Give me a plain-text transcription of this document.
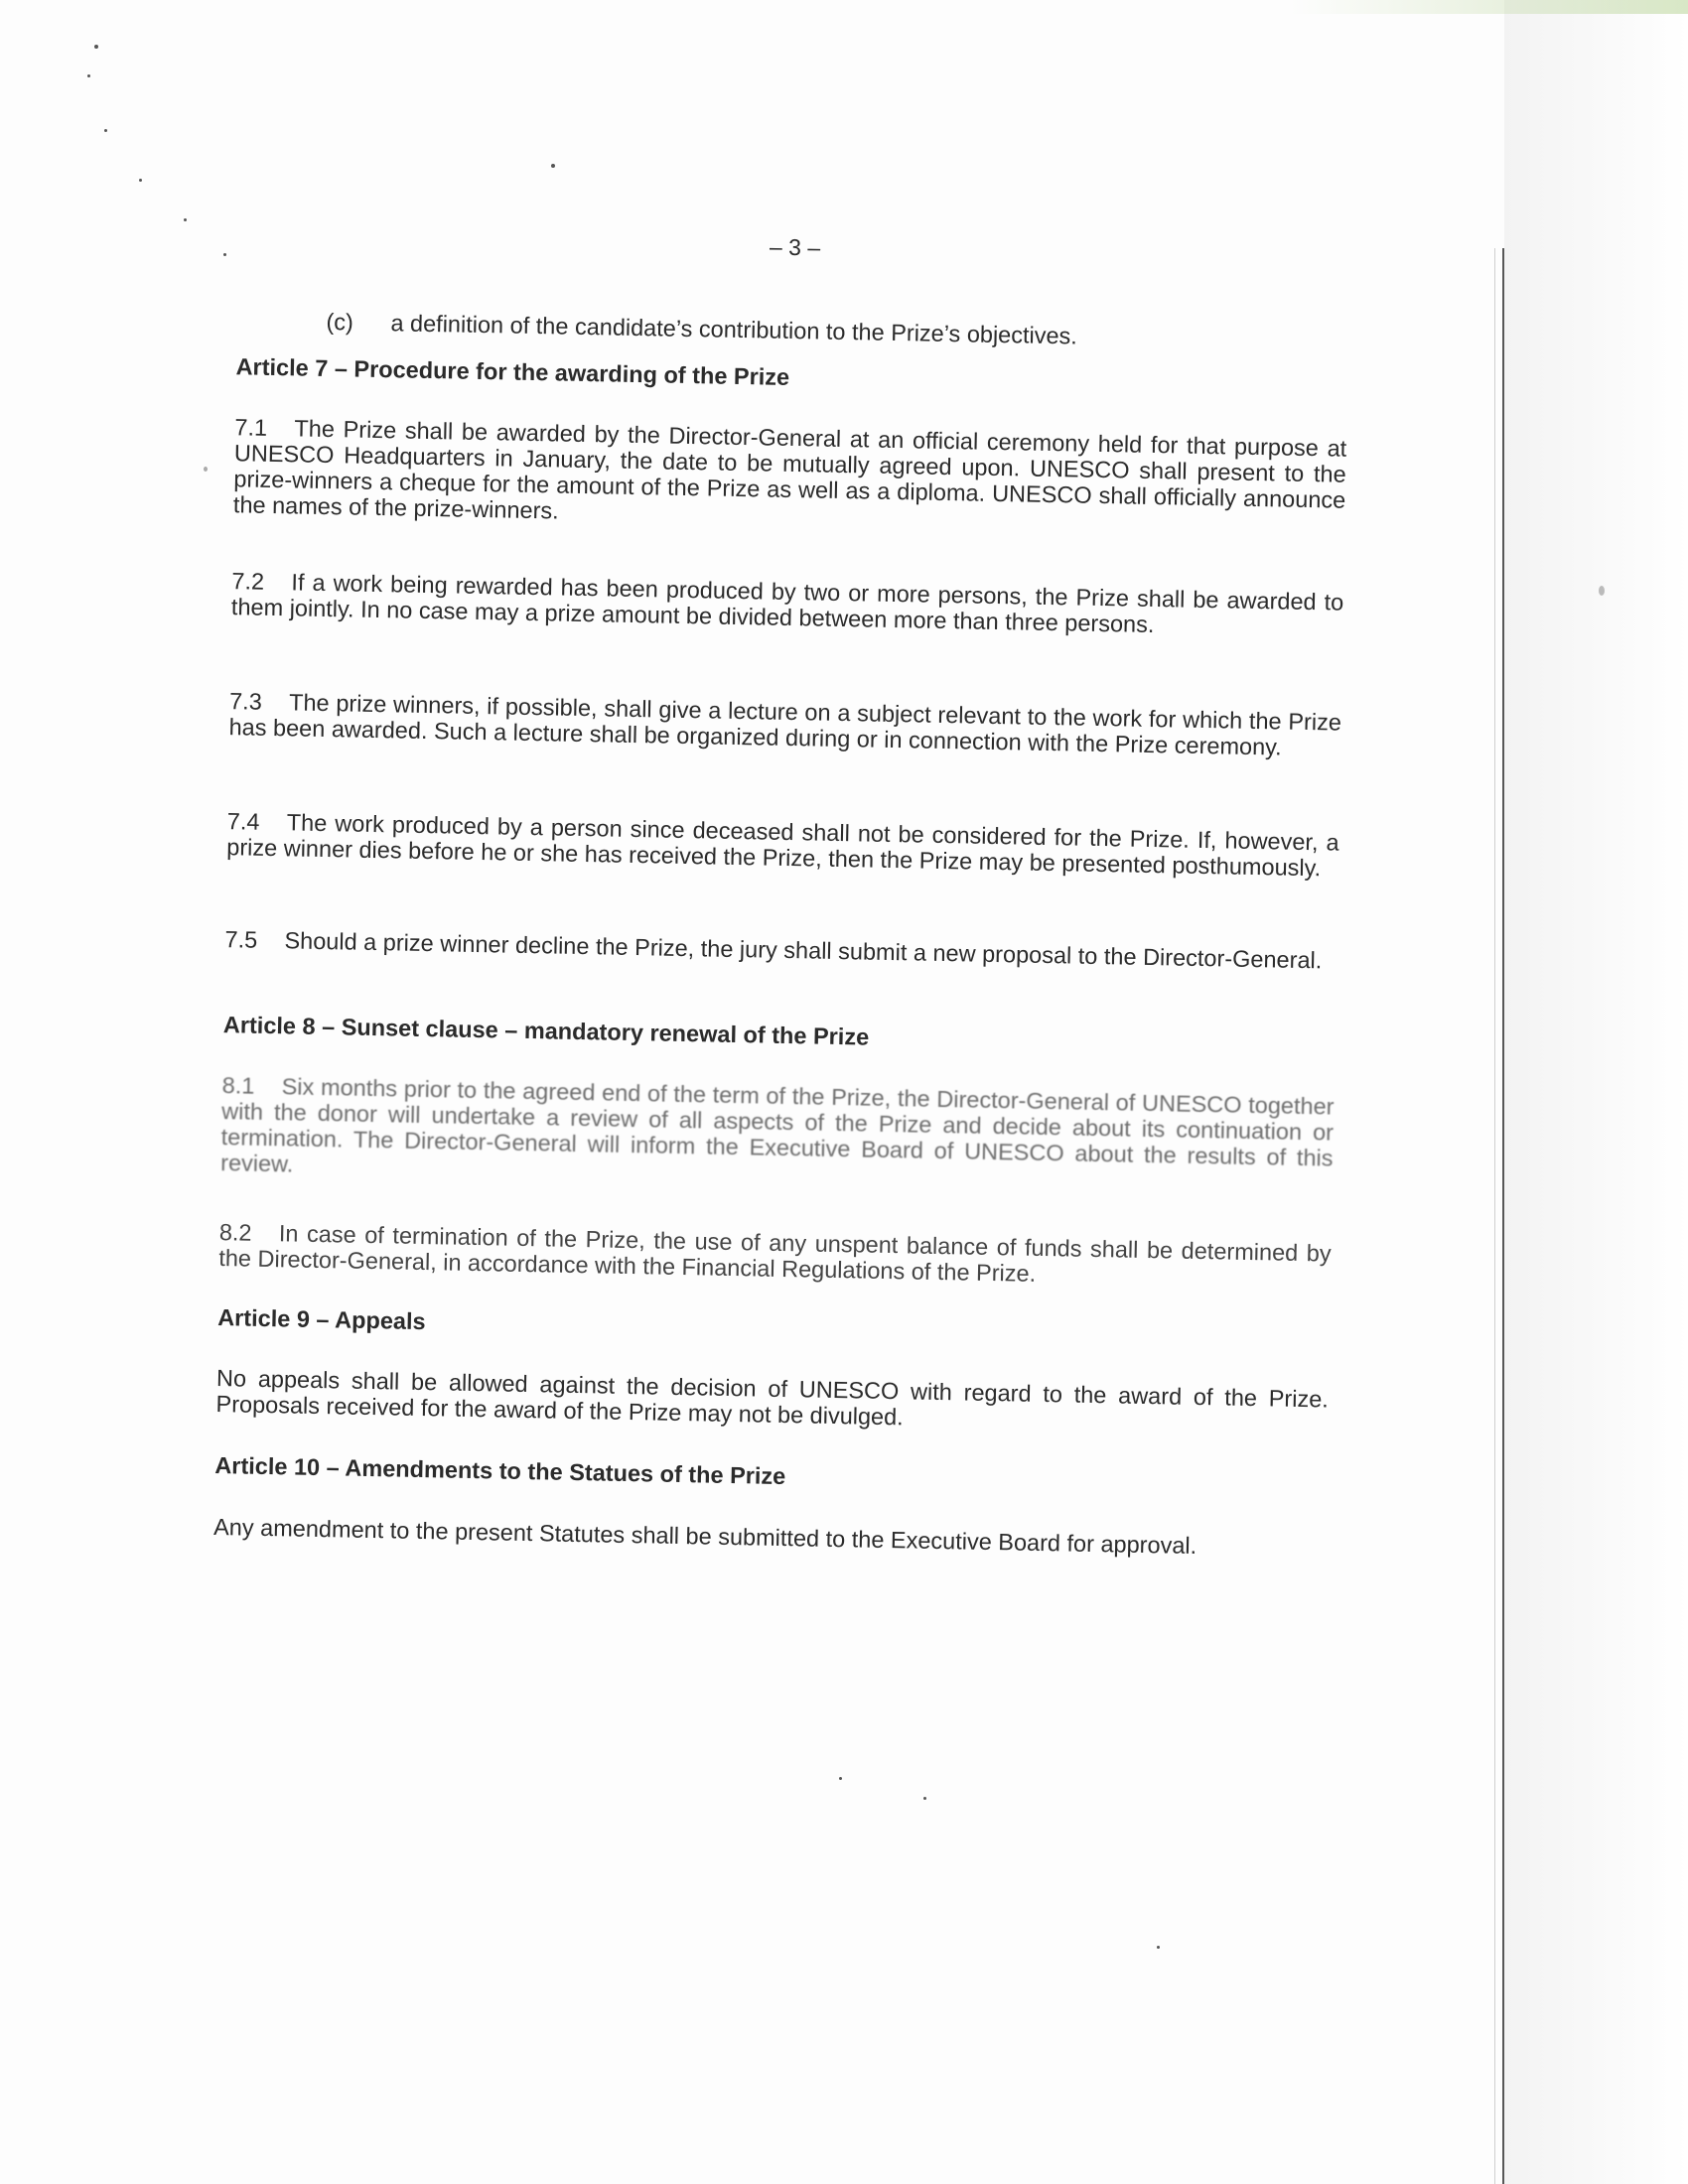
– 3 –
(c) a definition of the candidate’s contribution to the Prize’s objectives.
Article 7 – Procedure for the awarding of the Prize
7.1 The Prize shall be awarded by the Director-General at an official ceremony held for that purpose at UNESCO Headquarters in January, the date to be mutually agreed upon. UNESCO shall present to the prize-winners a cheque for the amount of the Prize as well as a diploma. UNESCO shall officially announce the names of the prize-winners.
7.2 If a work being rewarded has been produced by two or more persons, the Prize shall be awarded to them jointly. In no case may a prize amount be divided between more than three persons.
7.3 The prize winners, if possible, shall give a lecture on a subject relevant to the work for which the Prize has been awarded. Such a lecture shall be organized during or in connection with the Prize ceremony.
7.4 The work produced by a person since deceased shall not be considered for the Prize. If, however, a prize winner dies before he or she has received the Prize, then the Prize may be presented posthumously.
7.5 Should a prize winner decline the Prize, the jury shall submit a new proposal to the Director-General.
Article 8 – Sunset clause – mandatory renewal of the Prize
8.1 Six months prior to the agreed end of the term of the Prize, the Director-General of UNESCO together with the donor will undertake a review of all aspects of the Prize and decide about its continuation or termination. The Director-General will inform the Executive Board of UNESCO about the results of this review.
8.2 In case of termination of the Prize, the use of any unspent balance of funds shall be determined by the Director-General, in accordance with the Financial Regulations of the Prize.
Article 9 – Appeals
No appeals shall be allowed against the decision of UNESCO with regard to the award of the Prize. Proposals received for the award of the Prize may not be divulged.
Article 10 – Amendments to the Statues of the Prize
Any amendment to the present Statutes shall be submitted to the Executive Board for approval.
